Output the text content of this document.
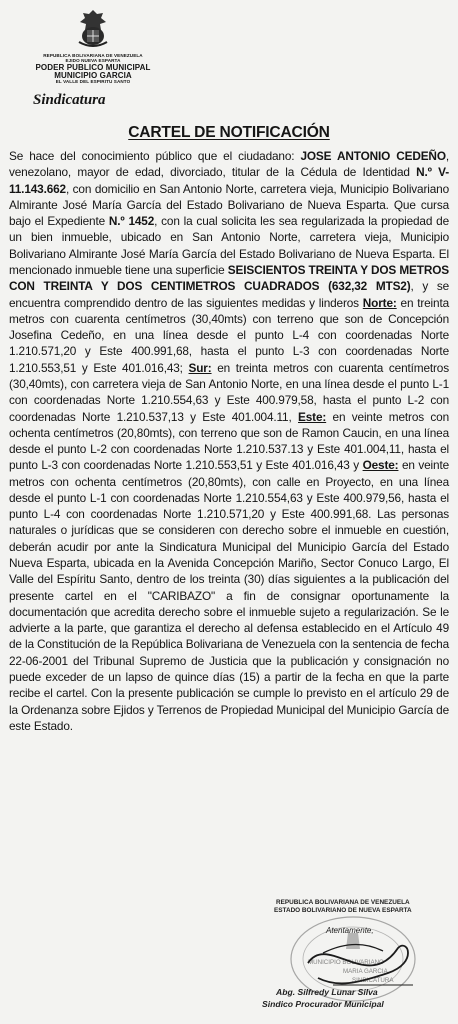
REPUBLICA BOLIVARIANA DE VENEZUELA
EJIDO NUEVA ESPARTA
PODER PUBLICO MUNICIPAL
MUNICIPIO GARCIA
EL VALLE DEL ESPIRITU SANTO
Sindicatura
CARTEL DE NOTIFICACIÓN
Se hace del conocimiento público que el ciudadano: JOSE ANTONIO CEDEÑO, venezolano, mayor de edad, divorciado, titular de la Cédula de Identidad N.º V-11.143.662, con domicilio en San Antonio Norte, carretera vieja, Municipio Bolivariano Almirante José María García del Estado Bolivariano de Nueva Esparta. Que cursa bajo el Expediente N.º 1452, con la cual solicita les sea regularizada la propiedad de un bien inmueble, ubicado en San Antonio Norte, carretera vieja, Municipio Bolivariano Almirante José María García del Estado Bolivariano de Nueva Esparta. El mencionado inmueble tiene una superficie SEISCIENTOS TREINTA Y DOS METROS CON TREINTA Y DOS CENTIMETROS CUADRADOS (632,32 MTS2), y se encuentra comprendido dentro de las siguientes medidas y linderos Norte: en treinta metros con cuarenta centímetros (30,40mts) con terreno que son de Concepción Josefina Cedeño, en una línea desde el punto L-4 con coordenadas Norte 1.210.571,20 y Este 400.991,68, hasta el punto L-3 con coordenadas Norte 1.210.553,51 y Este 401.016,43; Sur: en treinta metros con cuarenta centímetros (30,40mts), con carretera vieja de San Antonio Norte, en una línea desde el punto L-1 con coordenadas Norte 1.210.554,63 y Este 400.979,58, hasta el punto L-2 con coordenadas Norte 1.210.537,13 y Este 401.004.11, Este: en veinte metros con ochenta centímetros (20,80mts), con terreno que son de Ramon Caucin, en una línea desde el punto L-2 con coordenadas Norte 1.210.537.13 y Este 401.004,11, hasta el punto L-3 con coordenadas Norte 1.210.553,51 y Este 401.016,43 y Oeste: en veinte metros con ochenta centímetros (20,80mts), con calle en Proyecto, en una línea desde el punto L-1 con coordenadas Norte 1.210.554,63 y Este 400.979,56, hasta el punto L-4 con coordenadas Norte 1.210.571,20 y Este 400.991,68. Las personas naturales o jurídicas que se consideren con derecho sobre el inmueble en cuestión, deberán acudir por ante la Sindicatura Municipal del Municipio García del Estado Nueva Esparta, ubicada en la Avenida Concepción Mariño, Sector Conuco Largo, El Valle del Espíritu Santo, dentro de los treinta (30) días siguientes a la publicación del presente cartel en el "CARIBAZO" a fin de consignar oportunamente la documentación que acredita derecho sobre el inmueble sujeto a regularización. Se le advierte a la parte, que garantiza el derecho al defensa establecido en el Artículo 49 de la Constitución de la República Bolivariana de Venezuela con la sentencia de fecha 22-06-2001 del Tribunal Supremo de Justicia que la publicación y consignación no puede exceder de un lapso de quince días (15) a partir de la fecha en que la parte recibe el cartel. Con la presente publicación se cumple lo previsto en el artículo 29 de la Ordenanza sobre Ejidos y Terrenos de Propiedad Municipal del Municipio García de este Estado.
REPUBLICA BOLIVARIANA DE VENEZUELA
ESTADO BOLIVARIANO DE NUEVA ESPARTA
Atentamente,
MUNICIPIO BOLIVARIANO
MARIA GARCIA
SINDICATURA
Abg. Silfredy Lunar Silva
Sindico Procurador Municipal
